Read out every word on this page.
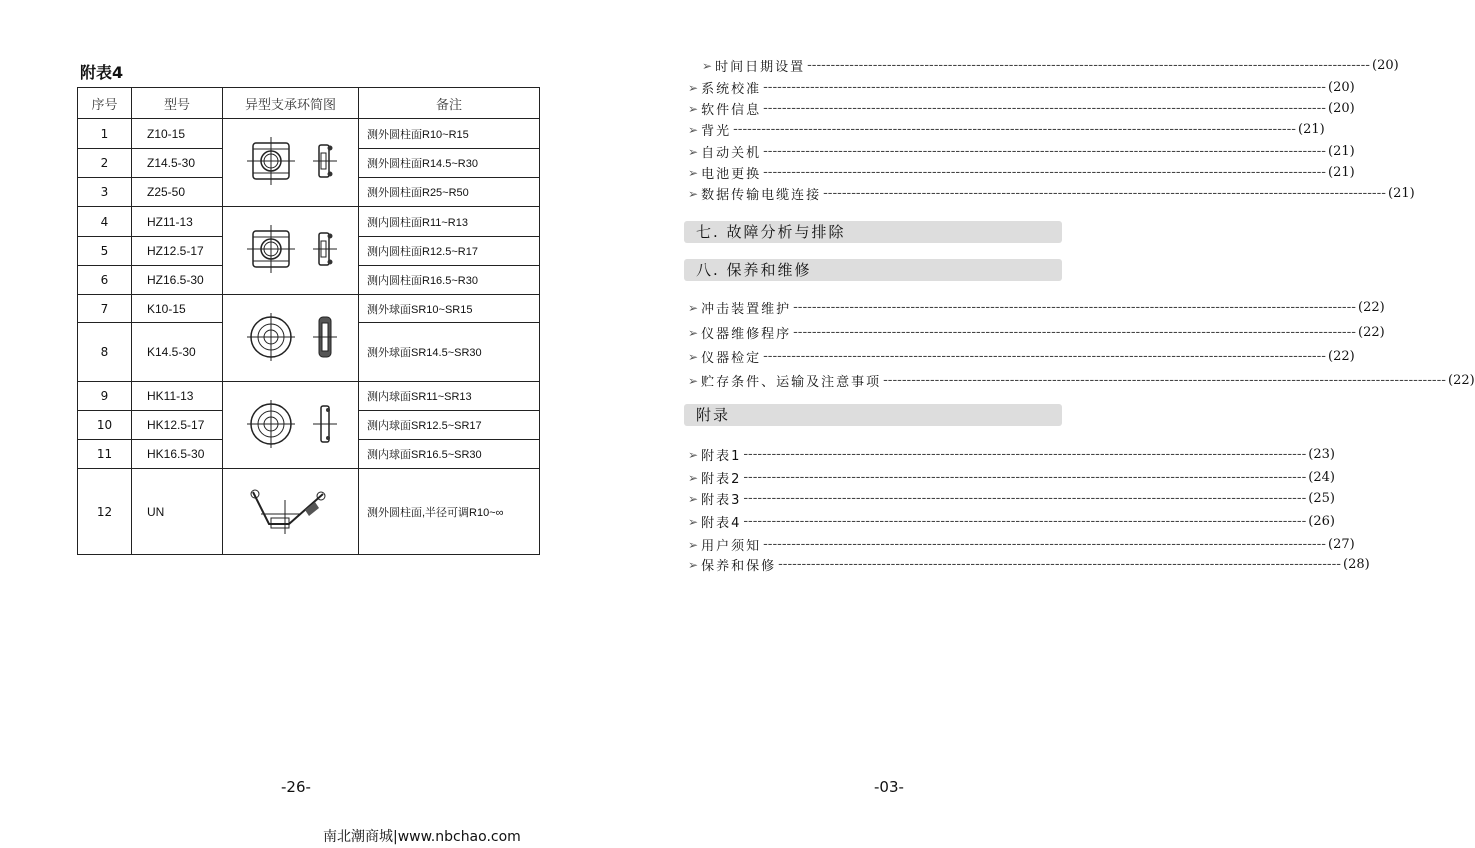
附表4
序号	型号	异型支承环简图	备注
1	Z10-15		测外圆柱面R10~R15
2	Z14.5-30		测外圆柱面R14.5~R30
3	Z25-50		测外圆柱面R25~R50
4	HZ11-13		测内圆柱面R11~R13
5	HZ12.5-17		测内圆柱面R12.5~R17
6	HZ16.5-30		测内圆柱面R16.5~R30
7	K10-15		测外球面SR10~SR15
8	K14.5-30		测外球面SR14.5~SR30
9	HK11-13		测内球面SR11~SR13
10	HK12.5-17		测内球面SR12.5~SR17
11	HK16.5-30		测内球面SR16.5~SR30
12	UN		测外圆柱面,半径可调R10~∞
-26-
➢ 时间日期设置 ------------------------------------------------------------------------------------------------------------------------ (20)
➢ 系统校准 ------------------------------------------------------------------------------------------------------------------------ (20)
➢ 软件信息 ------------------------------------------------------------------------------------------------------------------------ (20)
➢ 背光 ------------------------------------------------------------------------------------------------------------------------ (21)
➢ 自动关机 ------------------------------------------------------------------------------------------------------------------------ (21)
➢ 电池更换 ------------------------------------------------------------------------------------------------------------------------ (21)
➢ 数据传输电缆连接 ------------------------------------------------------------------------------------------------------------------------ (21)
➢ 冲击装置维护 ------------------------------------------------------------------------------------------------------------------------ (22)
➢ 仪器维修程序 ------------------------------------------------------------------------------------------------------------------------ (22)
➢ 仪器检定 ------------------------------------------------------------------------------------------------------------------------ (22)
➢ 贮存条件、运输及注意事项 ------------------------------------------------------------------------------------------------------------------------ (22)
➢ 附表1 ------------------------------------------------------------------------------------------------------------------------ (23)
➢ 附表2 ------------------------------------------------------------------------------------------------------------------------ (24)
➢ 附表3 ------------------------------------------------------------------------------------------------------------------------ (25)
➢ 附表4 ------------------------------------------------------------------------------------------------------------------------ (26)
➢ 用户须知 ------------------------------------------------------------------------------------------------------------------------ (27)
➢ 保养和保修 ------------------------------------------------------------------------------------------------------------------------ (28)
七. 故障分析与排除
八. 保养和维修
附录
-03-
南北潮商城|www.nbchao.com
